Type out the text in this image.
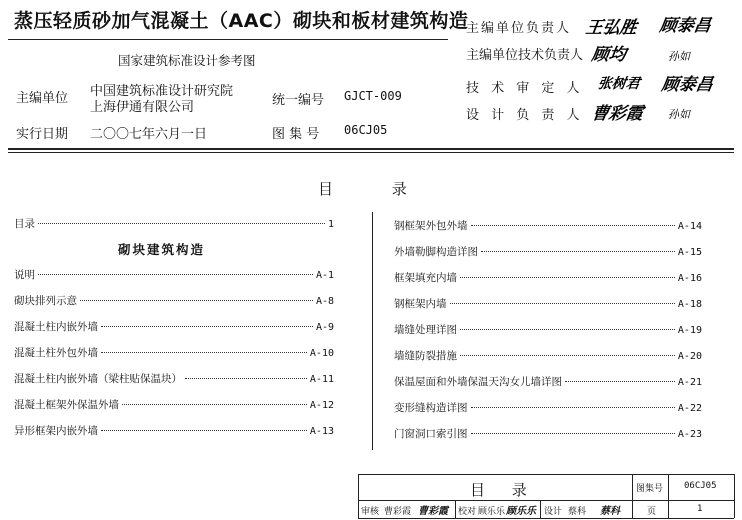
蒸压轻质砂加气混凝土（AAC）砌块和板材建筑构造
国家建筑标准设计参考图
主编单位 中国建筑标准设计研究院
上海伊通有限公司	统一编号 GJCT-009
实行日期 二〇〇七年六月一日	图 集 号 06CJ05
主编单位负责人 王弘胜 顾泰昌
主编单位技术负责人 顾均	孙如
技 术 审 定 人 张树君 顾泰昌
设 计 负 责 人 曹彩霞 孙如
目 录
目录	1
说明	A-1
砌块排列示意	A-8
混凝土柱内嵌外墙	A-9
混凝土柱外包外墙	A-10
混凝土柱内嵌外墙（梁柱贴保温块）	A-11
混凝土框架外保温外墙	A-12
异形框架内嵌外墙	A-13
砌块建筑构造
钢框架外包外墙	A-14
外墙勒脚构造详图	A-15
框架填充内墙	A-16
钢框架内墙	A-18
墙缝处理详图	A-19
墙缝防裂措施	A-20
保温屋面和外墙保温天沟女儿墙详图	A-21
变形缝构造详图	A-22
门窗洞口索引图	A-23
目 录	图集号 06CJ05
审核 曹彩霞 曹彩霞 校对 顾乐乐 顾乐乐 设计 蔡科 蔡科	页	1
